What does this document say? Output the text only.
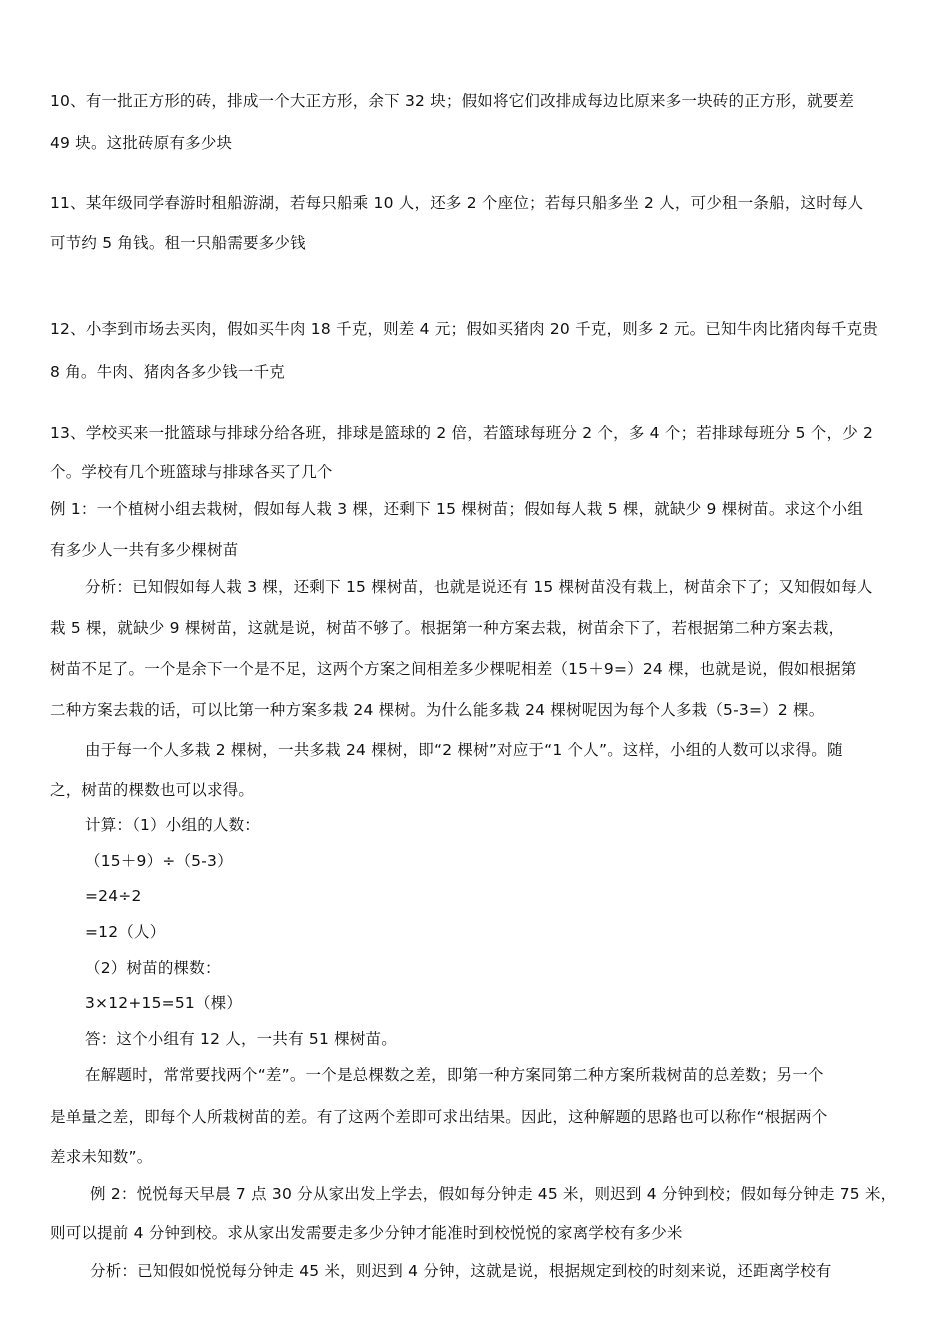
10、有一批正方形的砖，排成一个大正方形，余下 32 块；假如将它们改排成每边比原来多一块砖的正方形，就要差
49 块。这批砖原有多少块
11、某年级同学春游时租船游湖，若每只船乘 10 人，还多 2 个座位；若每只船多坐 2 人，可少租一条船，这时每人
可节约 5 角钱。租一只船需要多少钱
12、小李到市场去买肉，假如买牛肉 18 千克，则差 4 元；假如买猪肉 20 千克，则多 2 元。已知牛肉比猪肉每千克贵
8 角。牛肉、猪肉各多少钱一千克
13、学校买来一批篮球与排球分给各班，排球是篮球的 2 倍，若篮球每班分 2 个，多 4 个；若排球每班分 5 个，少 2
个。学校有几个班篮球与排球各买了几个
例 1：一个植树小组去栽树，假如每人栽 3 棵，还剩下 15 棵树苗；假如每人栽 5 棵，就缺少 9 棵树苗。求这个小组
有多少人一共有多少棵树苗
分析：已知假如每人栽 3 棵，还剩下 15 棵树苗，也就是说还有 15 棵树苗没有栽上，树苗余下了；又知假如每人
栽 5 棵，就缺少 9 棵树苗，这就是说，树苗不够了。根据第一种方案去栽，树苗余下了，若根据第二种方案去栽，
树苗不足了。一个是余下一个是不足，这两个方案之间相差多少棵呢相差（15＋9=）24 棵，也就是说，假如根据第
二种方案去栽的话，可以比第一种方案多栽 24 棵树。为什么能多栽 24 棵树呢因为每个人多栽（5-3=）2 棵。
由于每一个人多栽 2 棵树，一共多栽 24 棵树，即“2 棵树”对应于“1 个人”。这样，小组的人数可以求得。随
之，树苗的棵数也可以求得。
计算：（1）小组的人数：
（15＋9）÷（5-3）
=24÷2
=12（人）
（2）树苗的棵数：
3×12+15=51（棵）
答：这个小组有 12 人，一共有 51 棵树苗。
在解题时，常常要找两个“差”。一个是总棵数之差，即第一种方案同第二种方案所栽树苗的总差数；另一个
是单量之差，即每个人所栽树苗的差。有了这两个差即可求出结果。因此，这种解题的思路也可以称作“根据两个
差求未知数”。
例 2：悦悦每天早晨 7 点 30 分从家出发上学去，假如每分钟走 45 米，则迟到 4 分钟到校；假如每分钟走 75 米，
则可以提前 4 分钟到校。求从家出发需要走多少分钟才能准时到校悦悦的家离学校有多少米
分析：已知假如悦悦每分钟走 45 米，则迟到 4 分钟，这就是说，根据规定到校的时刻来说，还距离学校有
